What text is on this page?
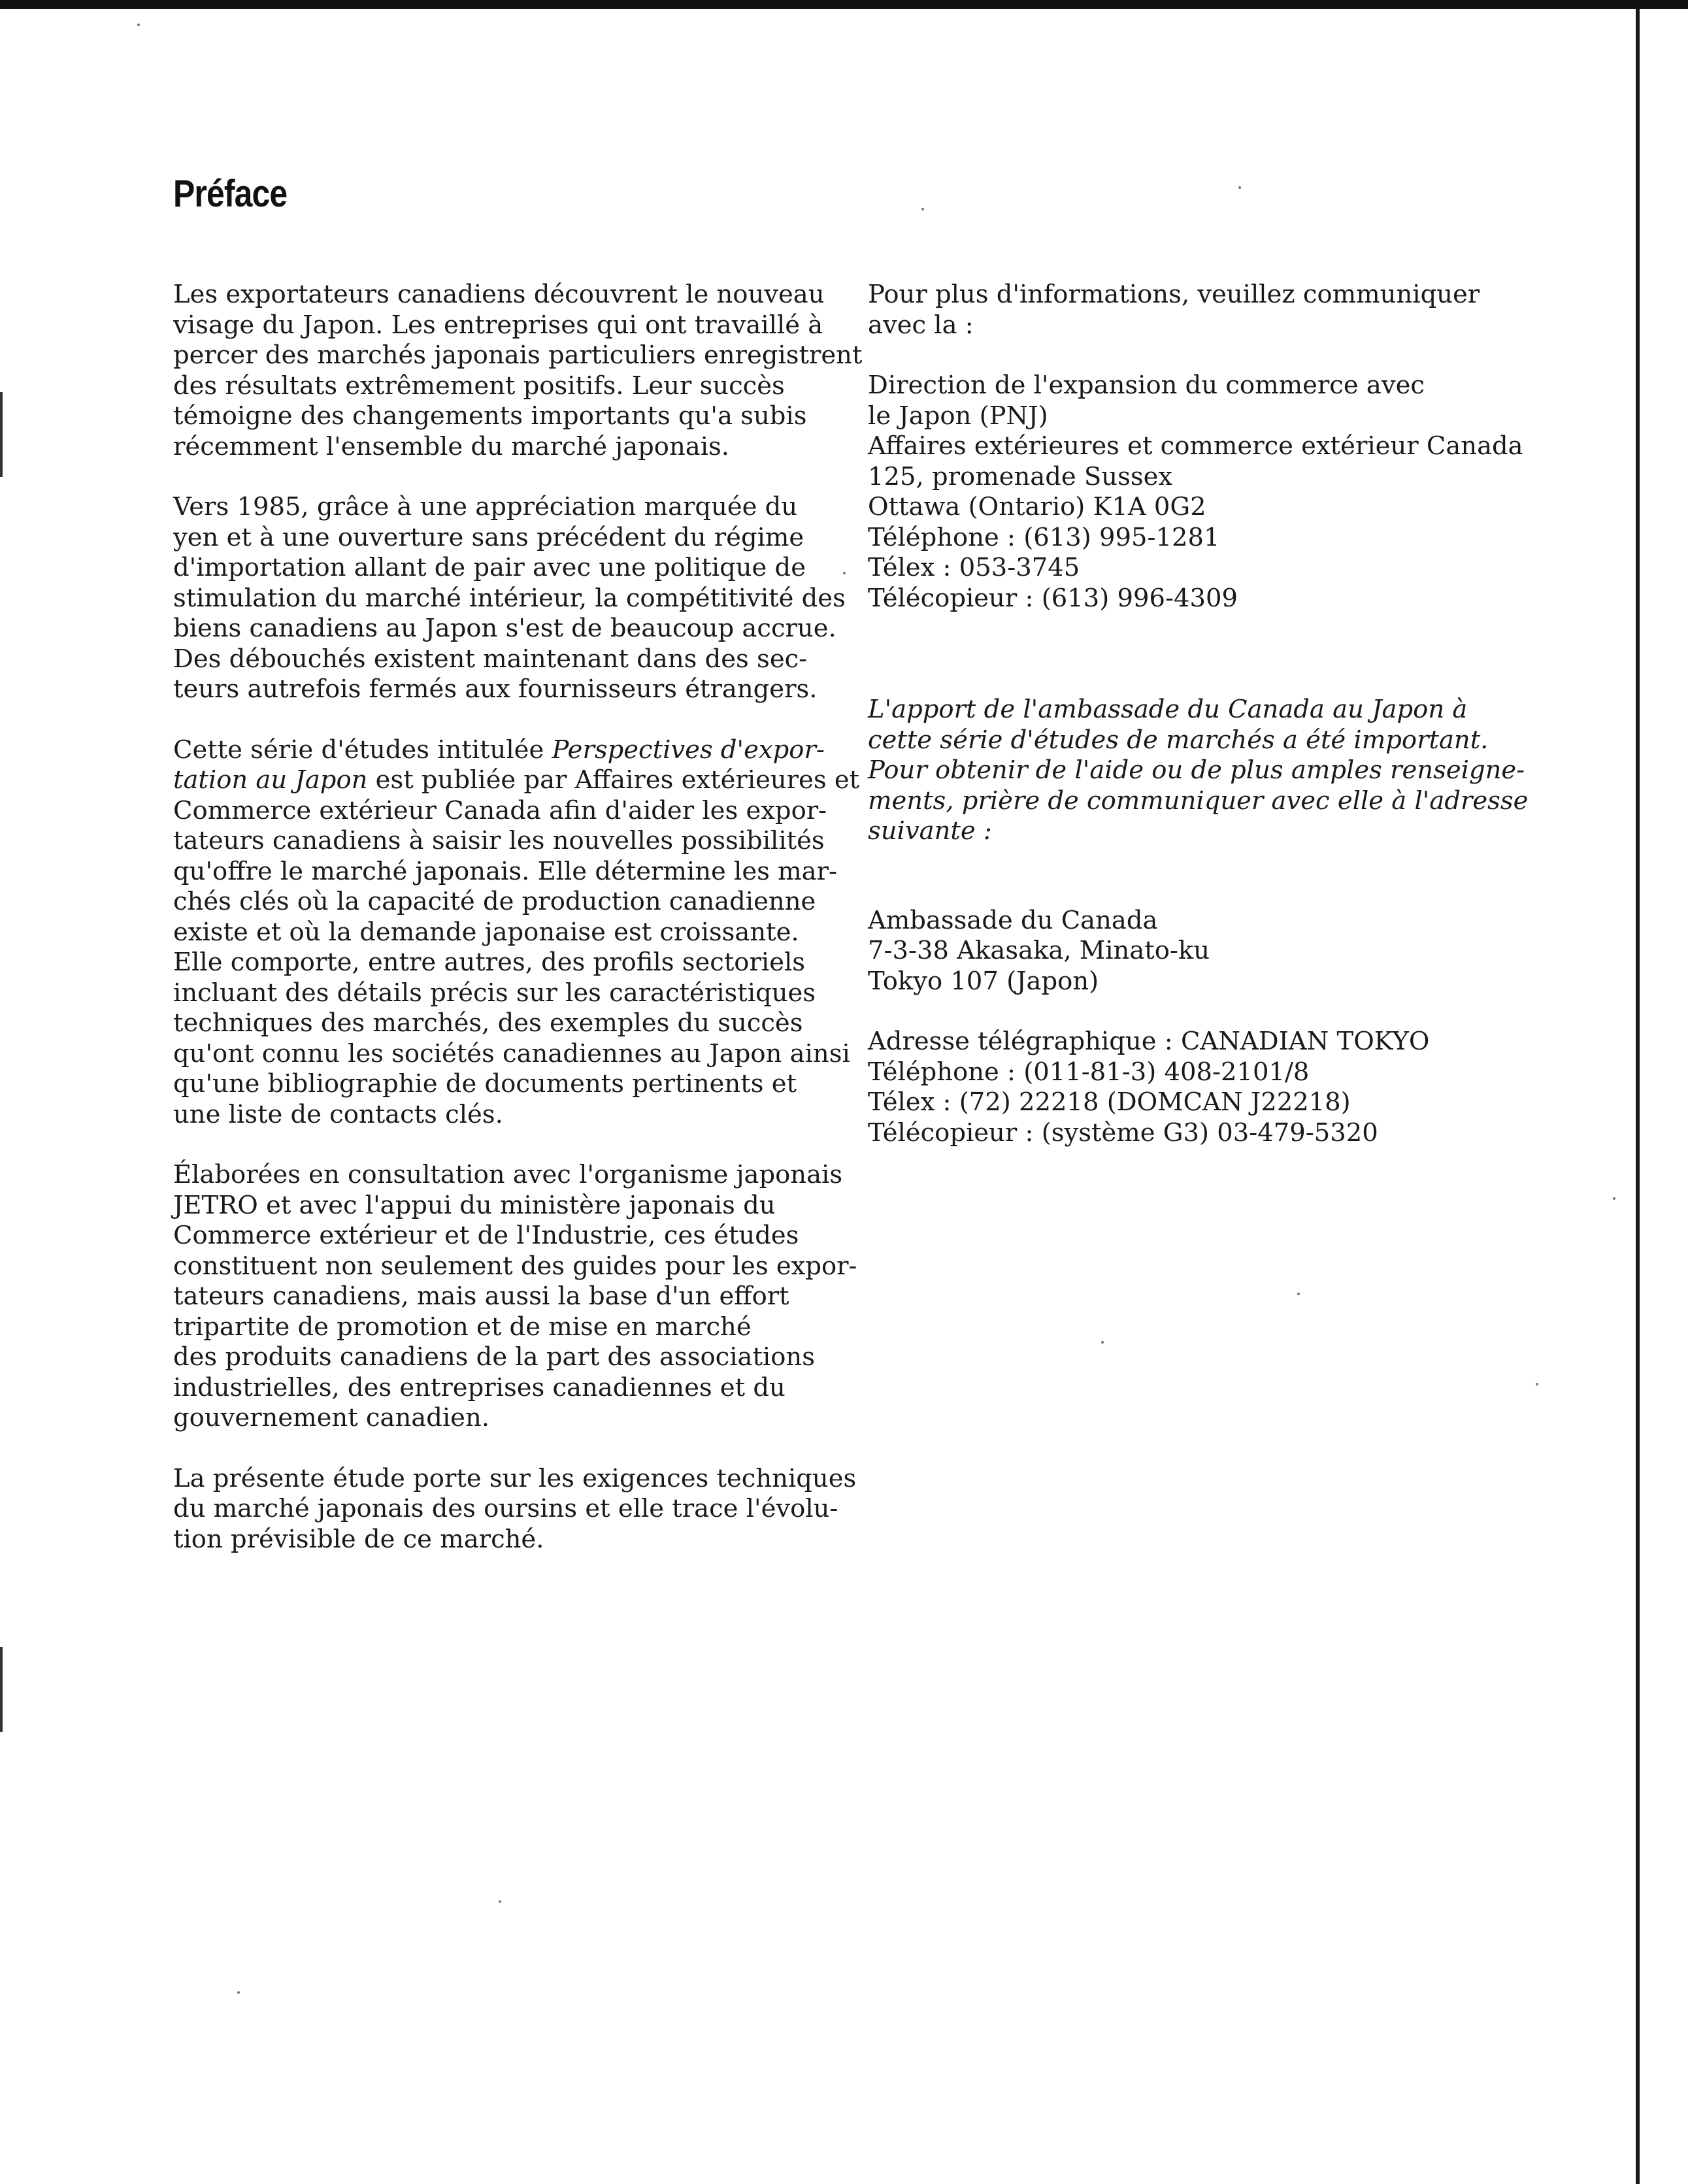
Préface
Les exportateurs canadiens découvrent le nouveau
visage du Japon. Les entreprises qui ont travaillé à
percer des marchés japonais particuliers enregistrent
des résultats extrêmement positifs. Leur succès
témoigne des changements importants qu'a subis
récemment l'ensemble du marché japonais.
Vers 1985, grâce à une appréciation marquée du
yen et à une ouverture sans précédent du régime
d'importation allant de pair avec une politique de
stimulation du marché intérieur, la compétitivité des
biens canadiens au Japon s'est de beaucoup accrue.
Des débouchés existent maintenant dans des sec-
teurs autrefois fermés aux fournisseurs étrangers.
Cette série d'études intitulée Perspectives d'expor-
tation au Japon est publiée par Affaires extérieures et
Commerce extérieur Canada afin d'aider les expor-
tateurs canadiens à saisir les nouvelles possibilités
qu'offre le marché japonais. Elle détermine les mar-
chés clés où la capacité de production canadienne
existe et où la demande japonaise est croissante.
Elle comporte, entre autres, des profils sectoriels
incluant des détails précis sur les caractéristiques
techniques des marchés, des exemples du succès
qu'ont connu les sociétés canadiennes au Japon ainsi
qu'une bibliographie de documents pertinents et
une liste de contacts clés.
Élaborées en consultation avec l'organisme japonais
JETRO et avec l'appui du ministère japonais du
Commerce extérieur et de l'Industrie, ces études
constituent non seulement des guides pour les expor-
tateurs canadiens, mais aussi la base d'un effort
tripartite de promotion et de mise en marché
des produits canadiens de la part des associations
industrielles, des entreprises canadiennes et du
gouvernement canadien.
La présente étude porte sur les exigences techniques
du marché japonais des oursins et elle trace l'évolu-
tion prévisible de ce marché.
Pour plus d'informations, veuillez communiquer
avec la :
Direction de l'expansion du commerce avec
le Japon (PNJ)
Affaires extérieures et commerce extérieur Canada
125, promenade Sussex
Ottawa (Ontario) K1A 0G2
Téléphone : (613) 995-1281
Télex : 053-3745
Télécopieur : (613) 996-4309
L'apport de l'ambassade du Canada au Japon à
cette série d'études de marchés a été important.
Pour obtenir de l'aide ou de plus amples renseigne-
ments, prière de communiquer avec elle à l'adresse
suivante :
Ambassade du Canada
7-3-38 Akasaka, Minato-ku
Tokyo 107 (Japon)
Adresse télégraphique : CANADIAN TOKYO
Téléphone : (011-81-3) 408-2101/8
Télex : (72) 22218 (DOMCAN J22218)
Télécopieur : (système G3) 03-479-5320
